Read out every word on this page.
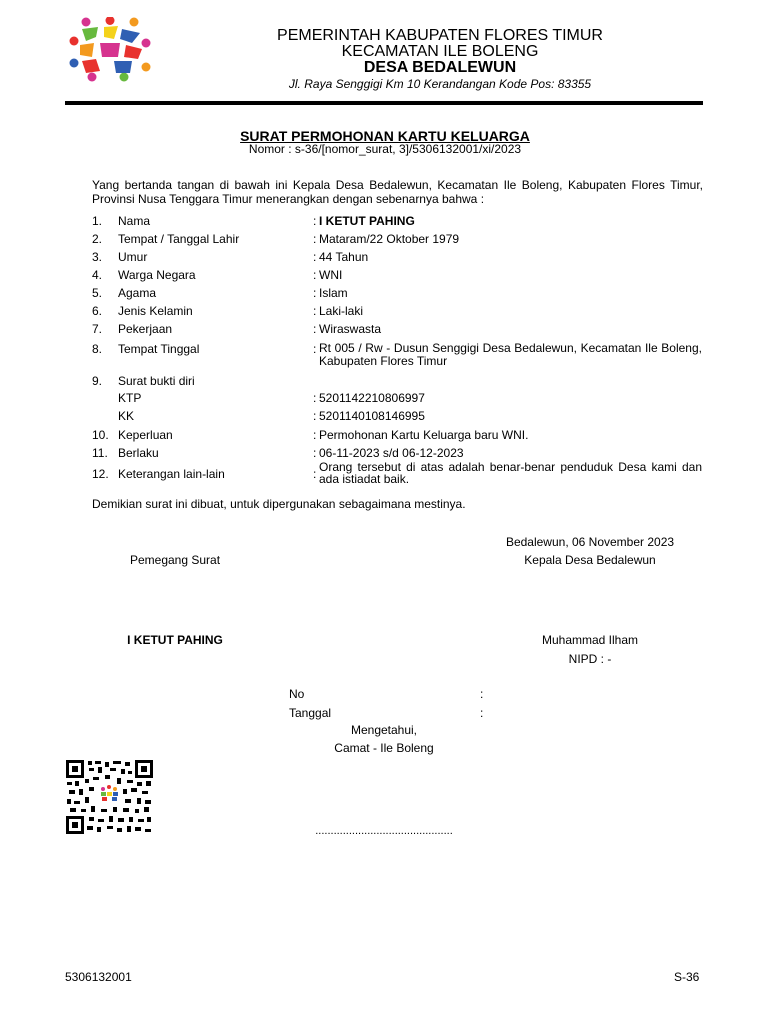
PEMERINTAH KABUPATEN FLORES TIMUR
KECAMATAN ILE BOLENG
DESA BEDALEWUN
Jl. Raya Senggigi Km 10 Kerandangan Kode Pos: 83355
SURAT PERMOHONAN KARTU KELUARGA
Nomor : s-36/[nomor_surat, 3]/5306132001/xi/2023
Yang bertanda tangan di bawah ini Kepala Desa Bedalewun, Kecamatan Ile Boleng, Kabupaten Flores Timur, Provinsi Nusa Tenggara Timur menerangkan dengan sebenarnya bahwa :
1.	Nama	: I KETUT PAHING
2.	Tempat / Tanggal Lahir	: Mataram/22 Oktober 1979
3.	Umur	: 44 Tahun
4.	Warga Negara	: WNI
5.	Agama	: Islam
6.	Jenis Kelamin	: Laki-laki
7.	Pekerjaan	: Wiraswasta
8.	Tempat Tinggal	: Rt 005 / Rw - Dusun Senggigi Desa Bedalewun, Kecamatan Ile Boleng, Kabupaten Flores Timur
9.	Surat bukti diri
KTP	: 5201142210806997
KK	: 5201140108146995
10. Keperluan	: Permohonan Kartu Keluarga baru WNI.
11. Berlaku	: 06-11-2023 s/d 06-12-2023
12. Keterangan lain-lain	: Orang tersebut di atas adalah benar-benar penduduk Desa kami dan ada istiadat baik.
Demikian surat ini dibuat, untuk dipergunakan sebagaimana mestinya.
Bedalewun, 06 November 2023
Pemegang Surat	Kepala Desa Bedalewun
I KETUT PAHING	Muhammad Ilham
NIPD : -
No	:
Tanggal	:
Mengetahui,
Camat - Ile Boleng
.............................................
5306132001	S-36
